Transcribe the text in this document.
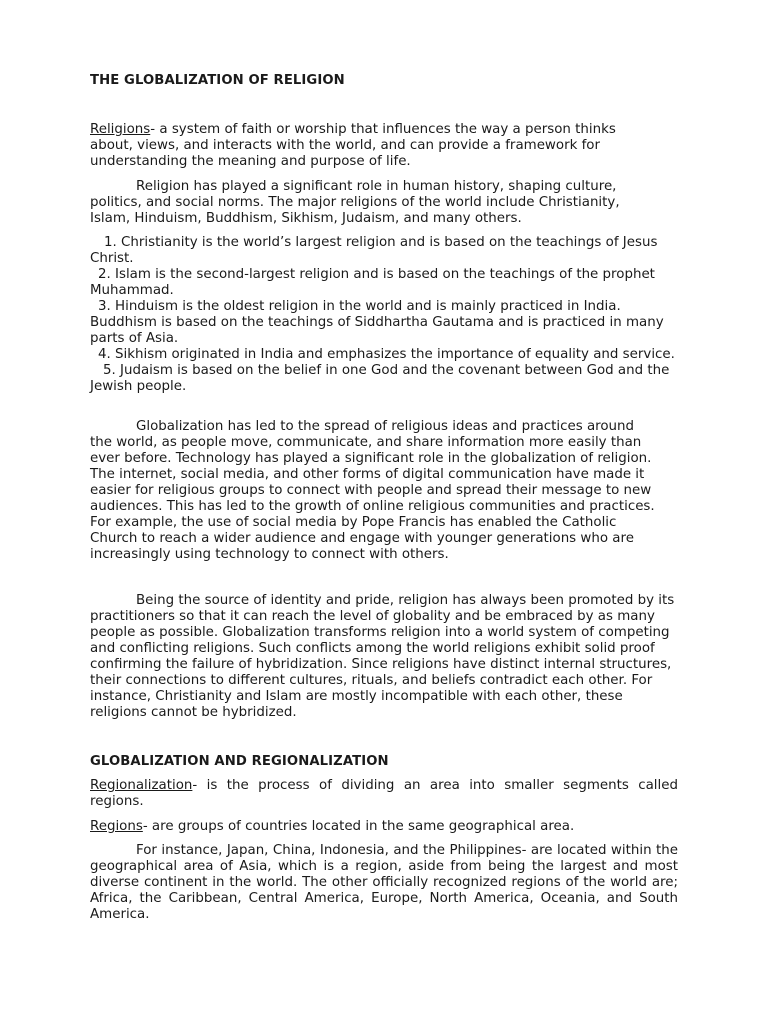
THE GLOBALIZATION OF RELIGION

Religions- a system of faith or worship that influences the way a person thinks about, views, and interacts with the world, and can provide a framework for understanding the meaning and purpose of life.

Religion has played a significant role in human history, shaping culture, politics, and social norms. The major religions of the world include Christianity, Islam, Hinduism, Buddhism, Sikhism, Judaism, and many others.

1. Christianity is the world’s largest religion and is based on the teachings of Jesus Christ.

2. Islam is the second-largest religion and is based on the teachings of the prophet Muhammad.

3. Hinduism is the oldest religion in the world and is mainly practiced in India. Buddhism is based on the teachings of Siddhartha Gautama and is practiced in many parts of Asia.

4. Sikhism originated in India and emphasizes the importance of equality and service.

5. Judaism is based on the belief in one God and the covenant between God and the Jewish people.

Globalization has led to the spread of religious ideas and practices around the world, as people move, communicate, and share information more easily than ever before. Technology has played a significant role in the globalization of religion. The internet, social media, and other forms of digital communication have made it easier for religious groups to connect with people and spread their message to new audiences. This has led to the growth of online religious communities and practices. For example, the use of social media by Pope Francis has enabled the Catholic Church to reach a wider audience and engage with younger generations who are increasingly using technology to connect with others.

Being the source of identity and pride, religion has always been promoted by its practitioners so that it can reach the level of globality and be embraced by as many people as possible. Globalization transforms religion into a world system of competing and conflicting religions. Such conflicts among the world religions exhibit solid proof confirming the failure of hybridization. Since religions have distinct internal structures, their connections to different cultures, rituals, and beliefs contradict each other. For instance, Christianity and Islam are mostly incompatible with each other, these religions cannot be hybridized.

GLOBALIZATION AND REGIONALIZATION

Regionalization- is the process of dividing an area into smaller segments called regions.

Regions- are groups of countries located in the same geographical area.

For instance, Japan, China, Indonesia, and the Philippines- are located within the geographical area of Asia, which is a region, aside from being the largest and most diverse continent in the world. The other officially recognized regions of the world are; Africa, the Caribbean, Central America, Europe, North America, Oceania, and South America.
